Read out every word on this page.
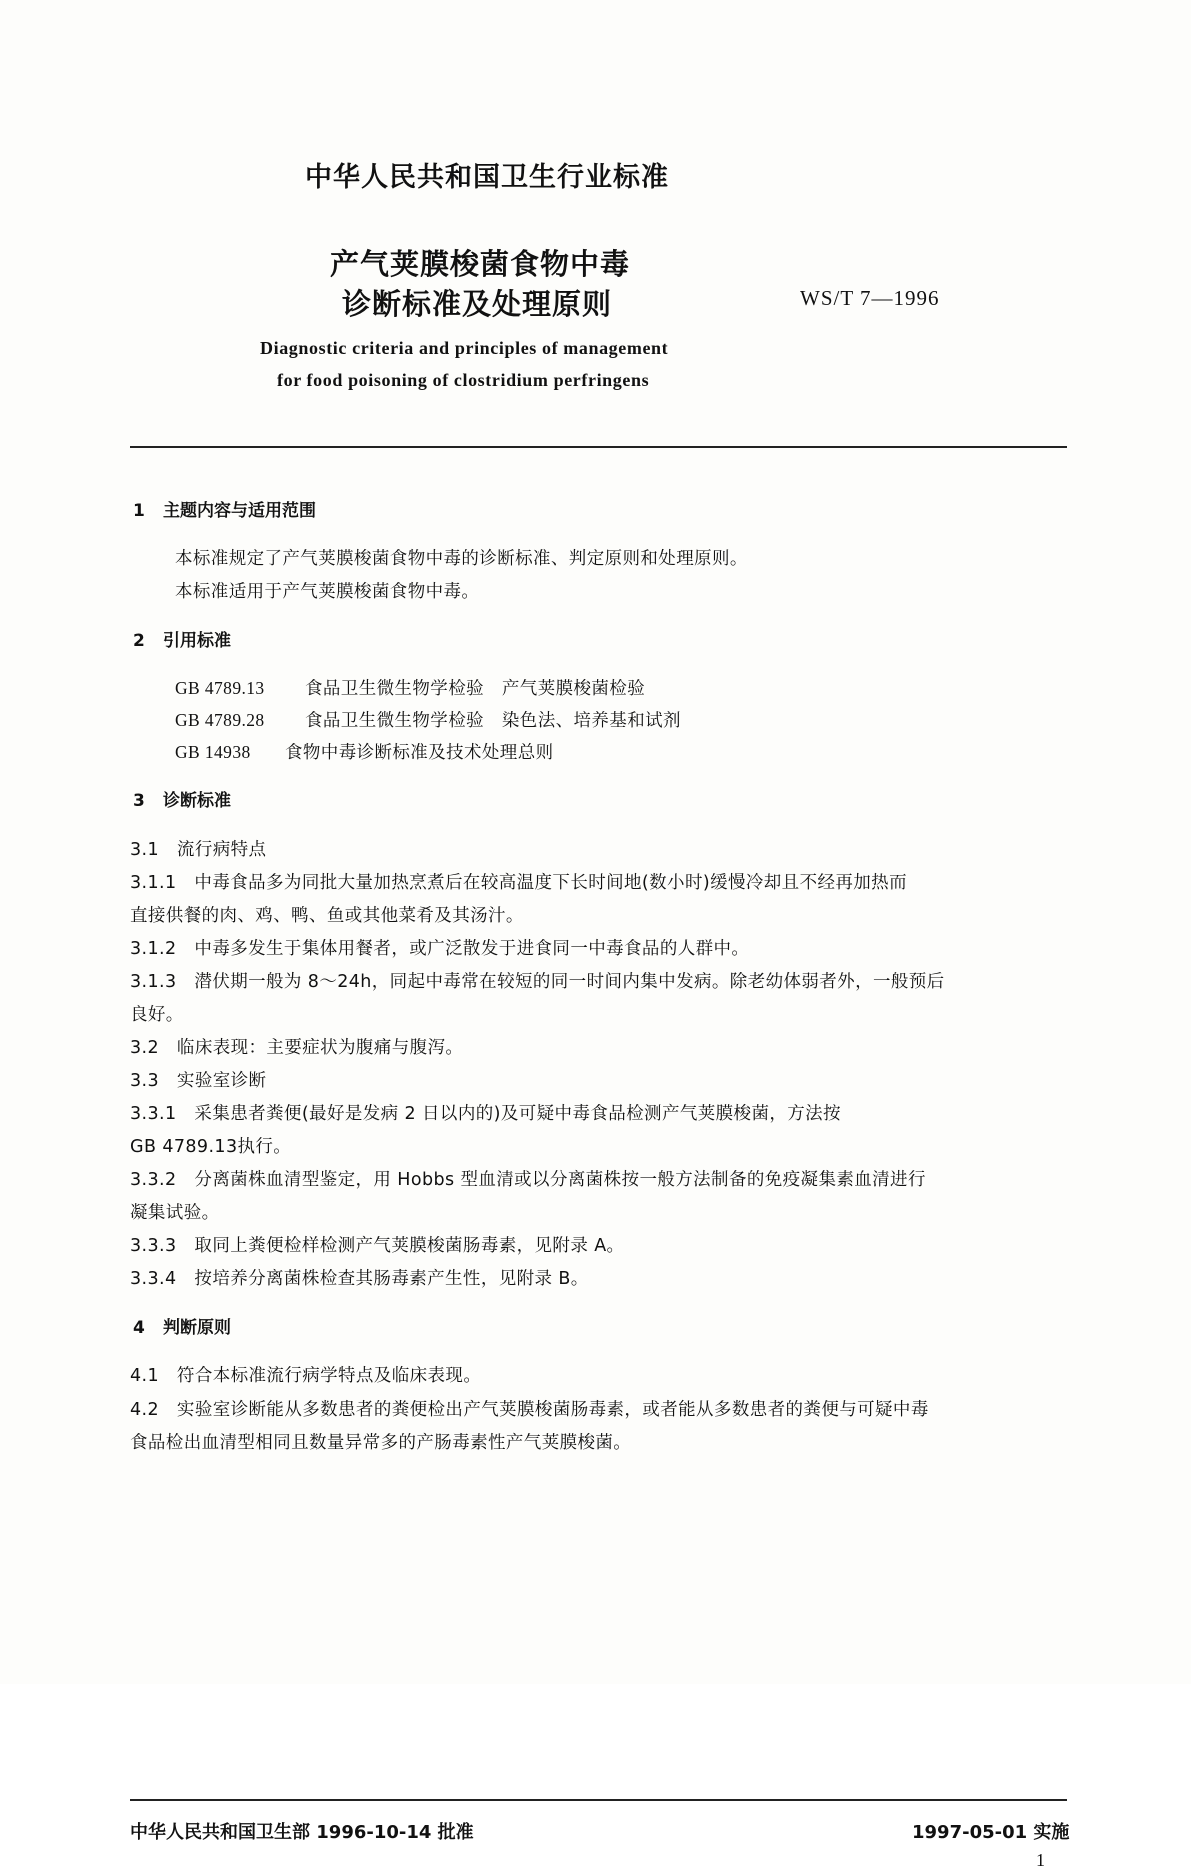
中华人民共和国卫生行业标准
产气荚膜梭菌食物中毒
诊断标准及处理原则	WS/T 7—1996
Diagnostic criteria and principles of management
for food poisoning of clostridium perfringens
1 主题内容与适用范围
本标准规定了产气荚膜梭菌食物中毒的诊断标准、判定原则和处理原则。
本标准适用于产气荚膜梭菌食物中毒。
2 引用标准
GB 4789.13 食品卫生微生物学检验　产气荚膜梭菌检验
GB 4789.28 食品卫生微生物学检验　染色法、培养基和试剂
GB 14938 食物中毒诊断标准及技术处理总则
3 诊断标准
3.1　流行病特点
3.1.1　中毒食品多为同批大量加热烹煮后在较高温度下长时间地(数小时)缓慢冷却且不经再加热而
直接供餐的肉、鸡、鸭、鱼或其他菜肴及其汤汁。
3.1.2　中毒多发生于集体用餐者，或广泛散发于进食同一中毒食品的人群中。
3.1.3　潜伏期一般为 8～24h，同起中毒常在较短的同一时间内集中发病。除老幼体弱者外，一般预后
良好。
3.2　临床表现：主要症状为腹痛与腹泻。
3.3　实验室诊断
3.3.1　采集患者粪便(最好是发病 2 日以内的)及可疑中毒食品检测产气荚膜梭菌，方法按
GB 4789.13执行。
3.3.2　分离菌株血清型鉴定，用 Hobbs 型血清或以分离菌株按一般方法制备的免疫凝集素血清进行
凝集试验。
3.3.3　取同上粪便检样检测产气荚膜梭菌肠毒素，见附录 A。
3.3.4　按培养分离菌株检查其肠毒素产生性，见附录 B。
4 判断原则
4.1　符合本标准流行病学特点及临床表现。
4.2　实验室诊断能从多数患者的粪便检出产气荚膜梭菌肠毒素，或者能从多数患者的粪便与可疑中毒
食品检出血清型相同且数量异常多的产肠毒素性产气荚膜梭菌。
中华人民共和国卫生部 1996-10-14 批准	1997-05-01 实施
1
